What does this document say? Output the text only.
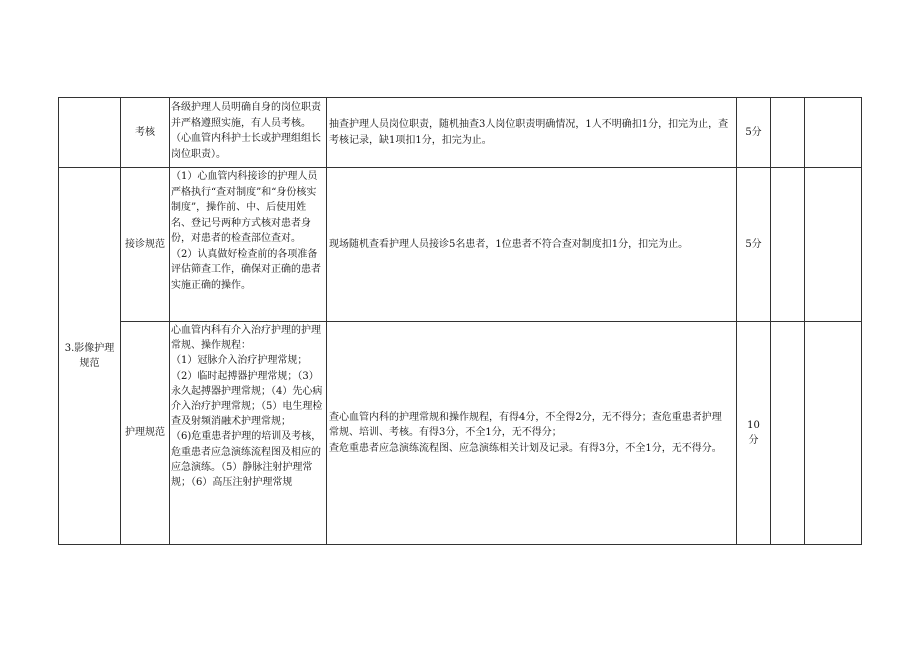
考核
各级护理人员明确自身的岗位职责并严格遵照实施，有人员考核。（心血管内科护士长或护理组组长岗位职责）。
抽查护理人员岗位职责，随机抽查3人岗位职责明确情况，1人不明确扣1分，扣完为止，查考核记录，缺1项扣1分，扣完为止。
5分
3.影像护理规范
接诊规范
（1）心血管内科接诊的护理人员严格执行“查对制度”和“身份核实制度”，操作前、中、后使用姓名、登记号两种方式核对患者身份，对患者的检查部位查对。
（2）认真做好检查前的各项准备评估筛查工作，确保对正确的患者实施正确的操作。
现场随机查看护理人员接诊5名患者，1位患者不符合查对制度扣1分，扣完为止。	5分
护理规范
心血管内科有介入治疗护理的护理常规、操作规程：
（1）冠脉介入治疗护理常规；
（2）临时起搏器护理常规；（3）永久起搏器护理常规；（4）先心病介入治疗护理常规；（5）电生理检查及射频消融术护理常规；
（6)危重患者护理的培训及考核，危重患者应急演练流程图及相应的应急演练。（5）静脉注射护理常规；（6）高压注射护理常规
查心血管内科的护理常规和操作规程，有得4分，不全得2分，无不得分；查危重患者护理常规、培训、考核。有得3分，不全1分，无不得分；
查危重患者应急演练流程图、应急演练相关计划及记录。有得3分，不全1分，无不得分。
10分
